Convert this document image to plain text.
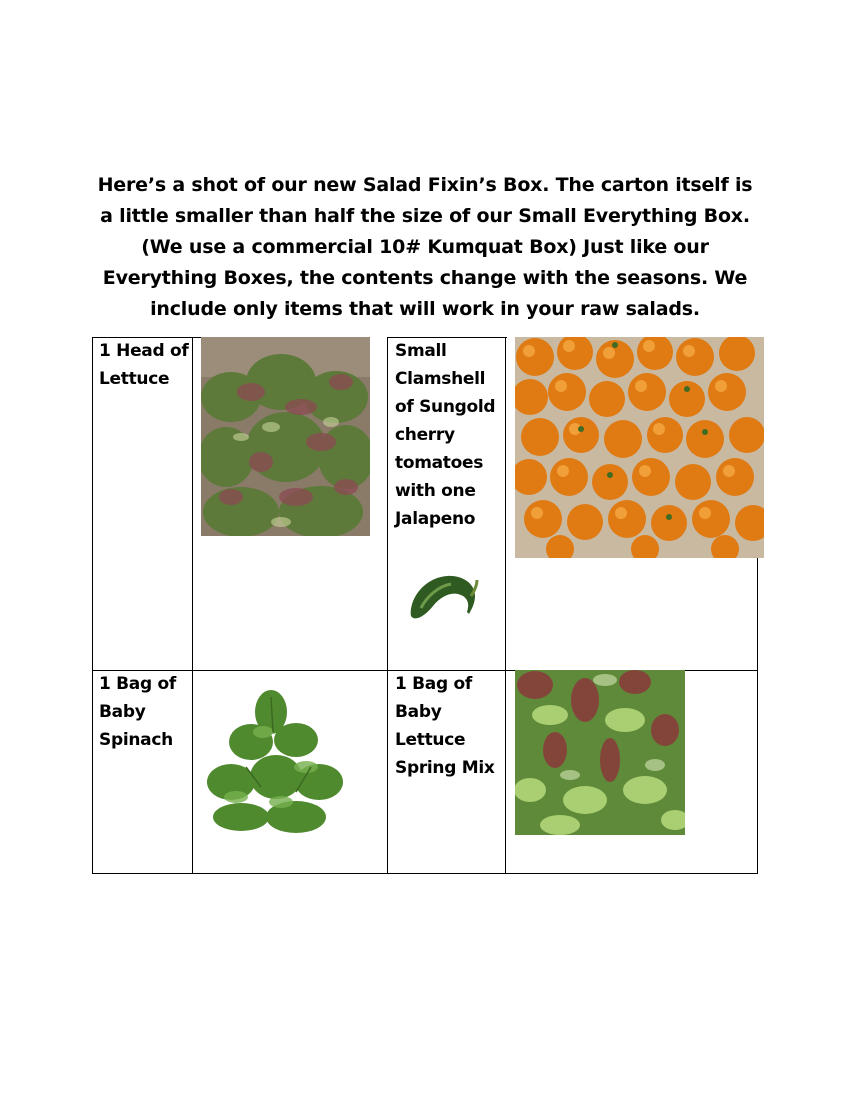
Here’s a shot of our new Salad Fixin’s Box. The carton itself is a little smaller than half the size of our Small Everything Box. (We use a commercial 10# Kumquat Box) Just like our Everything Boxes, the contents change with the seasons. We include only items that will work in your raw salads.
1 Head of Lettuce
Small Clamshell of Sungold cherry tomatoes with one Jalapeno
1 Bag of Baby Spinach
1 Bag of Baby Lettuce Spring Mix
